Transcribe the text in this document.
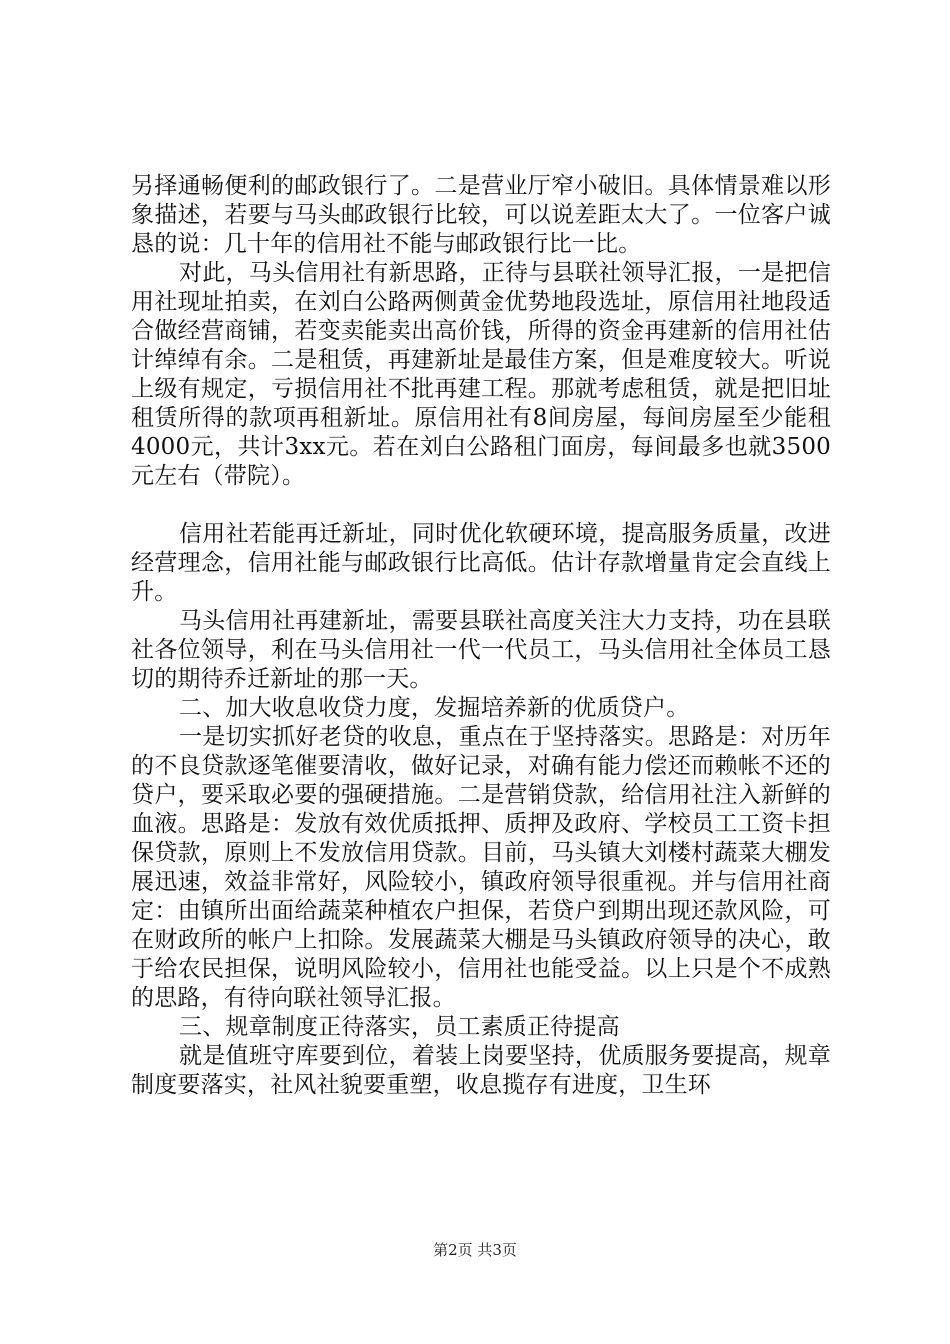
另择通畅便利的邮政银行了。二是营业厅窄小破旧。具体情景难以形象描述，若要与马头邮政银行比较，可以说差距太大了。一位客户诚恳的说：几十年的信用社不能与邮政银行比一比。

对此，马头信用社有新思路，正待与县联社领导汇报，一是把信用社现址拍卖，在刘白公路两侧黄金优势地段选址，原信用社地段适合做经营商铺，若变卖能卖出高价钱，所得的资金再建新的信用社估计绰绰有余。二是租赁，再建新址是最佳方案，但是难度较大。听说上级有规定，亏损信用社不批再建工程。那就考虑租赁，就是把旧址租赁所得的款项再租新址。原信用社有8间房屋，每间房屋至少能租4000元，共计3xx元。若在刘白公路租门面房，每间最多也就3500元左右（带院）。

信用社若能再迁新址，同时优化软硬环境，提高服务质量，改进经营理念，信用社能与邮政银行比高低。估计存款增量肯定会直线上升。

马头信用社再建新址，需要县联社高度关注大力支持，功在县联社各位领导，利在马头信用社一代一代员工，马头信用社全体员工恳切的期待乔迁新址的那一天。

二、加大收息收贷力度，发掘培养新的优质贷户。

一是切实抓好老贷的收息，重点在于坚持落实。思路是：对历年的不良贷款逐笔催要清收，做好记录，对确有能力偿还而赖帐不还的贷户，要采取必要的强硬措施。二是营销贷款，给信用社注入新鲜的血液。思路是：发放有效优质抵押、质押及政府、学校员工工资卡担保贷款，原则上不发放信用贷款。目前，马头镇大刘楼村蔬菜大棚发展迅速，效益非常好，风险较小，镇政府领导很重视。并与信用社商定：由镇所出面给蔬菜种植农户担保，若贷户到期出现还款风险，可在财政所的帐户上扣除。发展蔬菜大棚是马头镇政府领导的决心，敢于给农民担保，说明风险较小，信用社也能受益。以上只是个不成熟的思路，有待向联社领导汇报。

三、规章制度正待落实，员工素质正待提高

就是值班守库要到位，着装上岗要坚持，优质服务要提高，规章制度要落实，社风社貌要重塑，收息揽存有进度，卫生环

第2页 共3页
